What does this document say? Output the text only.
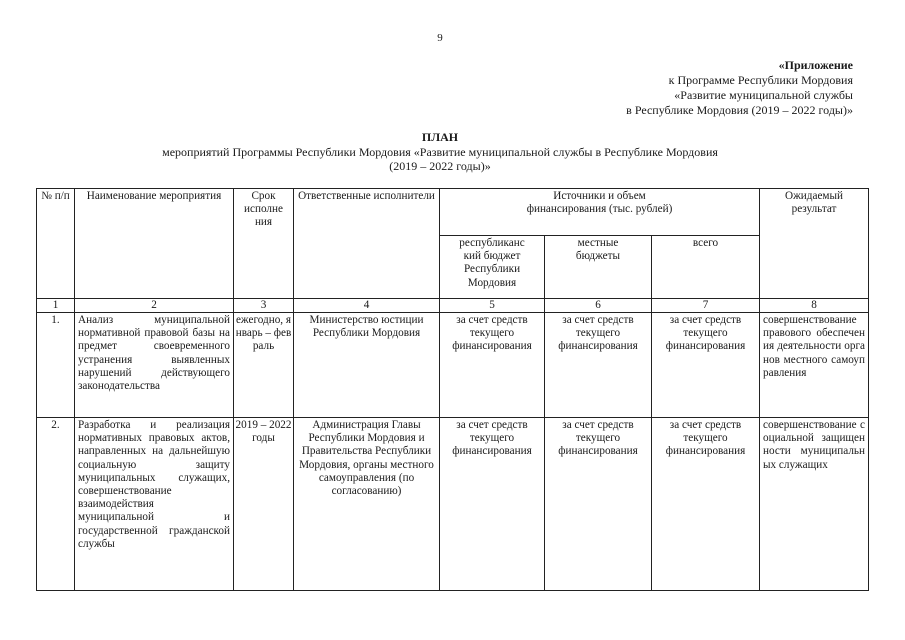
9
«Приложение
к Программе Республики Мордовия
«Развитие муниципальной службы
в Республике Мордовия (2019 – 2022 годы)»
ПЛАН
мероприятий Программы Республики Мордовия «Развитие муниципальной службы в Республике Мордовия
(2019 – 2022 годы)»
№ п/п	Наименование мероприятия	Срок исполне ния	Ответственные исполнители	Источники и объем финансирования (тыс. рублей)			Ожидаемый результат
				республиканс кий бюджет Республики Мордовия	местные бюджеты	всего	
1	2	3	4	5	6	7	8
1.	Анализ муниципальной нормативной правовой базы на предмет своевременного устранения выявленных нарушений действующего законодательства	ежегодно, январь – февраль	Министерство юстиции Республики Мордовия	за счет средств текущего финансирования	за счет средств текущего финансирования	за счет средств текущего финансирования	совершенствование правового обеспечения деятельности органов местного самоуправления
2.	Разработка и реализация нормативных правовых актов, направленных на дальнейшую социальную защиту муниципальных служащих, совершенствование взаимодействия муниципальной и государственной гражданской службы	2019 – 2022 годы	Администрация Главы Республики Мордовия и Правительства Республики Мордовия, органы местного самоуправления (по согласованию)	за счет средств текущего финансирования	за счет средств текущего финансирования	за счет средств текущего финансирования	совершенствование социальной защищенности муниципальных служащих
